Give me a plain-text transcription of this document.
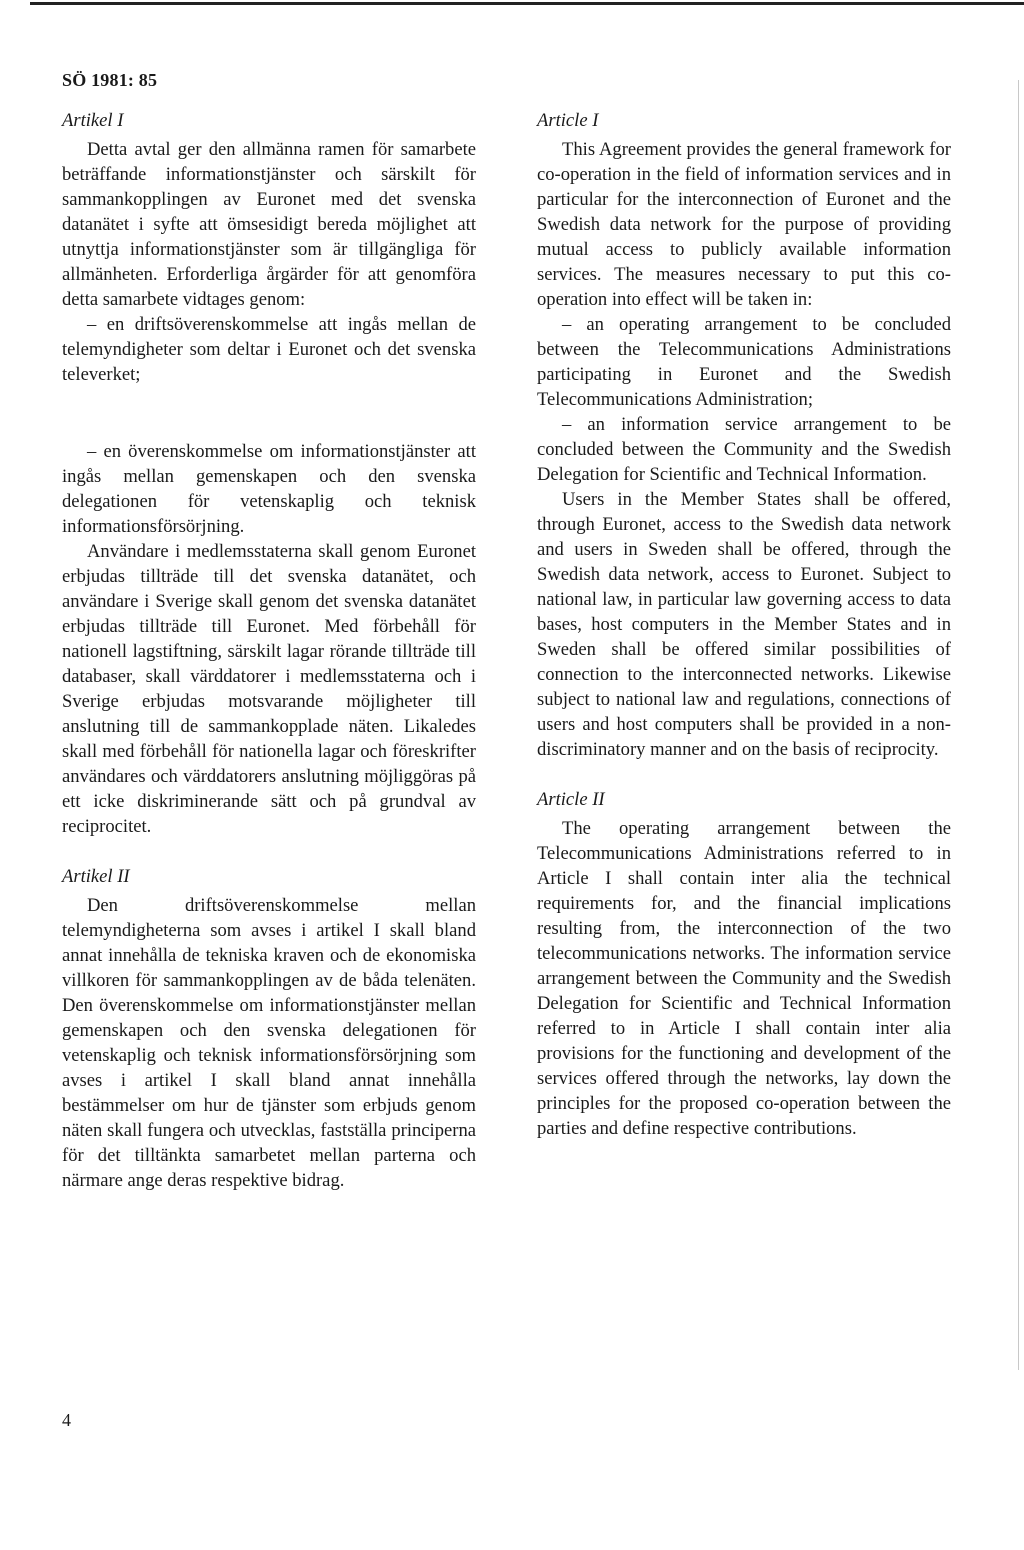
SÖ 1981: 85

Artikel I

Detta avtal ger den allmänna ramen för samarbete beträffande informationstjänster och särskilt för sammankopplingen av Euronet med det svenska datanätet i syfte att ömsesidigt bereda möjlighet att utnyttja informationstjänster som är tillgängliga för allmänheten. Erforderliga årgärder för att genomföra detta samarbete vidtages genom:

– en driftsöverenskommelse att ingås mellan de telemyndigheter som deltar i Euronet och det svenska televerket;

– en överenskommelse om informationstjänster att ingås mellan gemenskapen och den svenska delegationen för vetenskaplig och teknisk informationsförsörjning.

Användare i medlemsstaterna skall genom Euronet erbjudas tillträde till det svenska datanätet, och användare i Sverige skall genom det svenska datanätet erbjudas tillträde till Euronet. Med förbehåll för nationell lagstiftning, särskilt lagar rörande tillträde till databaser, skall värddatorer i medlemsstaterna och i Sverige erbjudas motsvarande möjligheter till anslutning till de sammankopplade näten. Likaledes skall med förbehåll för nationella lagar och föreskrifter användares och värddatorers anslutning möjliggöras på ett icke diskriminerande sätt och på grundval av reciprocitet.

Artikel II

Den driftsöverenskommelse mellan telemyndigheterna som avses i artikel I skall bland annat innehålla de tekniska kraven och de ekonomiska villkoren för sammankopplingen av de båda telenäten. Den överenskommelse om informationstjänster mellan gemenskapen och den svenska delegationen för vetenskaplig och teknisk informationsförsörjning som avses i artikel I skall bland annat innehålla bestämmelser om hur de tjänster som erbjuds genom näten skall fungera och utvecklas, fastställa principerna för det tilltänkta samarbetet mellan parterna och närmare ange deras respektive bidrag.

Article I

This Agreement provides the general framework for co-operation in the field of information services and in particular for the interconnection of Euronet and the Swedish data network for the purpose of providing mutual access to publicly available information services. The measures necessary to put this co-operation into effect will be taken in:

– an operating arrangement to be concluded between the Telecommunications Administrations participating in Euronet and the Swedish Telecommunications Administration;

– an information service arrangement to be concluded between the Community and the Swedish Delegation for Scientific and Technical Information.

Users in the Member States shall be offered, through Euronet, access to the Swedish data network and users in Sweden shall be offered, through the Swedish data network, access to Euronet. Subject to national law, in particular law governing access to data bases, host computers in the Member States and in Sweden shall be offered similar possibilities of connection to the interconnected networks. Likewise subject to national law and regulations, connections of users and host computers shall be provided in a non-discriminatory manner and on the basis of reciprocity.

Article II

The operating arrangement between the Telecommunications Administrations referred to in Article I shall contain inter alia the technical requirements for, and the financial implications resulting from, the interconnection of the two telecommunications networks. The information service arrangement between the Community and the Swedish Delegation for Scientific and Technical Information referred to in Article I shall contain inter alia provisions for the functioning and development of the services offered through the networks, lay down the principles for the proposed co-operation between the parties and define respective contributions.

4
